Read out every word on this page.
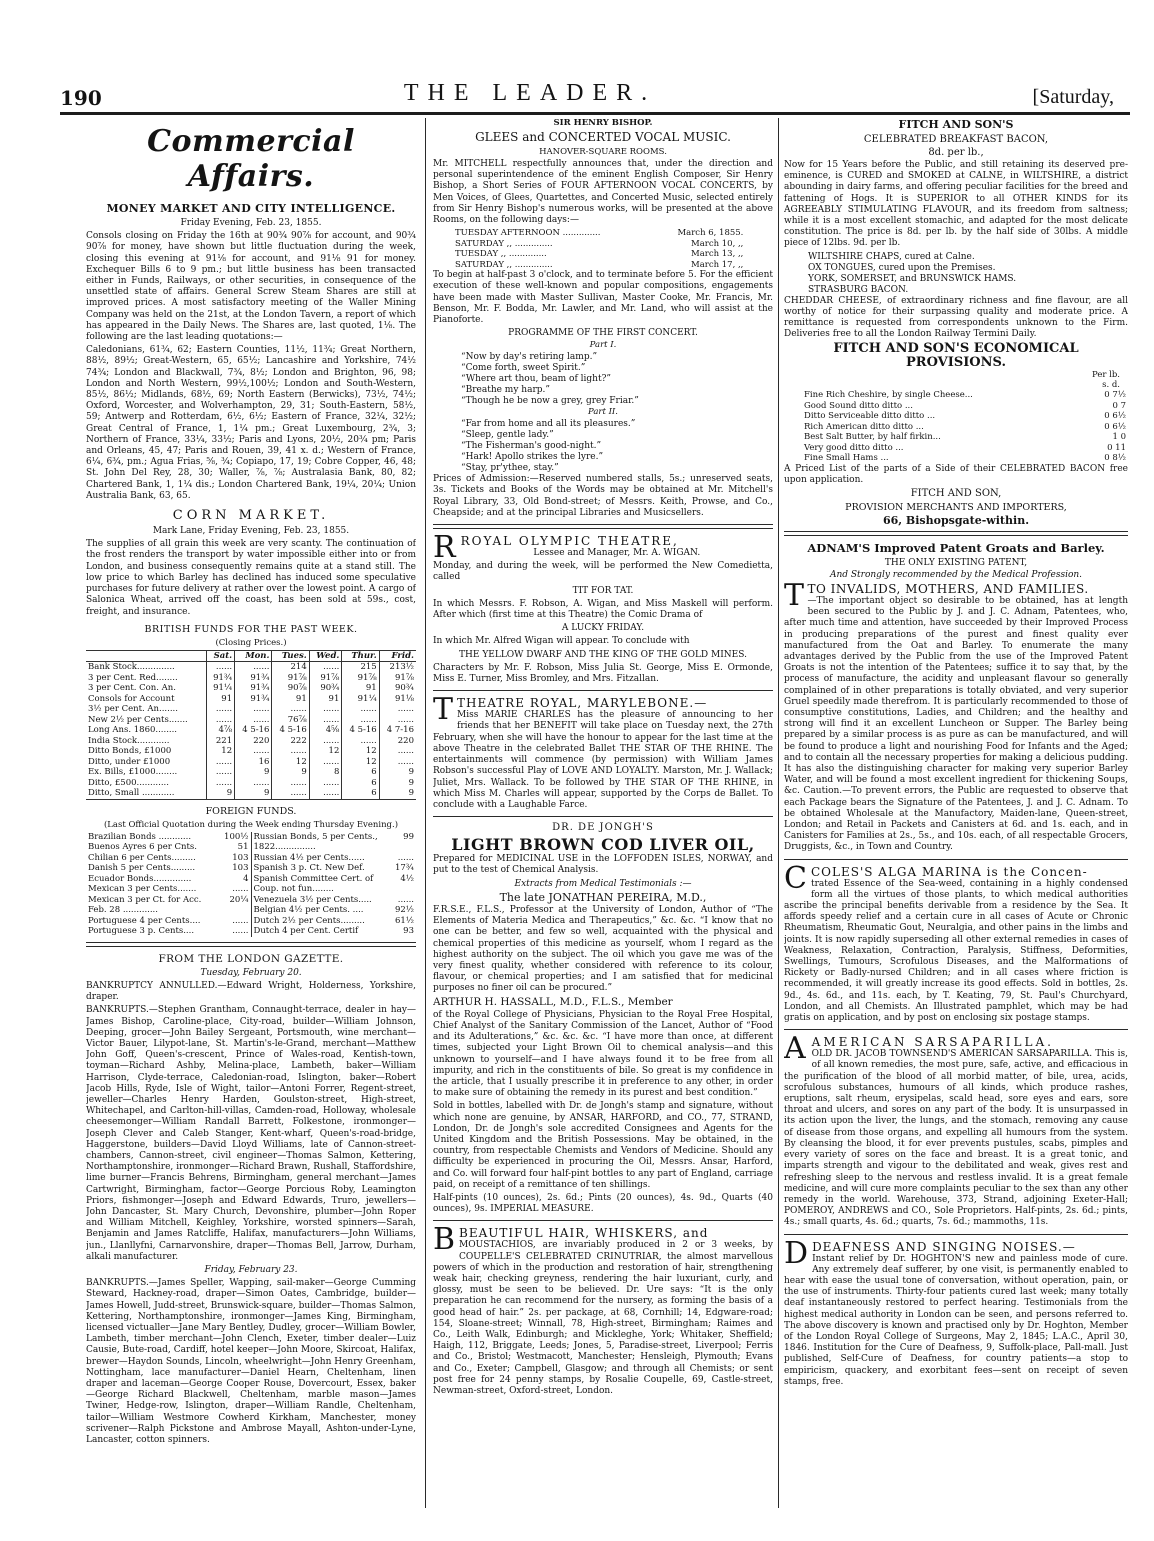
190	THE LEADER.	[Saturday,
Commercial Affairs.
MONEY MARKET AND CITY INTELLIGENCE.

Friday Evening, Feb. 23, 1855.

Consols closing on Friday the 16th at 90¾ 90⅞ for account, and 90¾ 90⅞ for money, have shown but little fluctuation during the week, closing this evening at 91⅛ for account, and 91⅛ 91 for money. Exchequer Bills 6 to 9 pm.; but little business has been transacted either in Funds, Railways, or other securities, in consequence of the unsettled state of affairs. General Screw Steam Shares are still at improved prices. A most satisfactory meeting of the Waller Mining Company was held on the 21st, at the London Tavern, a report of which has appeared in the Daily News. The Shares are, last quoted, 1⅛. The following are the last leading quotations:—

Caledonians, 61¾, 62; Eastern Counties, 11½, 11¾; Great Northern, 88½, 89½; Great-Western, 65, 65½; Lancashire and Yorkshire, 74½ 74¾; London and Blackwall, 7¾, 8½; London and Brighton, 96, 98; London and North Western, 99½,100½; London and South-Western, 85½, 86½; Midlands, 68½, 69; North Eastern (Berwicks), 73½, 74½; Oxford, Worcester, and Wolverhampton, 29, 31; South-Eastern, 58½, 59; Antwerp and Rotterdam, 6½, 6½; Eastern of France, 32¼, 32½; Great Central of France, 1, 1¼ pm.; Great Luxembourg, 2¾, 3; Northern of France, 33¼, 33½; Paris and Lyons, 20½, 20¾ pm; Paris and Orleans, 45, 47; Paris and Rouen, 39, 41 x. d.; Western of France, 6¼, 6¾, pm.; Agua Frias, ⅝, ¾; Copiapo, 17, 19; Cobre Copper, 46, 48; St. John Del Rey, 28, 30; Waller, ⅞, ⅞; Australasia Bank, 80, 82; Chartered Bank, 1, 1¼ dis.; London Chartered Bank, 19¼, 20¼; Union Australia Bank, 63, 65.

CORN MARKET.

Mark Lane, Friday Evening, Feb. 23, 1855.

The supplies of all grain this week are very scanty. The continuation of the frost renders the transport by water impossible either into or from London, and business consequently remains quite at a stand still. The low price to which Barley has declined has induced some speculative purchases for future delivery at rather over the lowest point. A cargo of Salonica Wheat, arrived off the coast, has been sold at 59s., cost, freight, and insurance.

BRITISH FUNDS FOR THE PAST WEEK.
(Closing Prices.)
	Sat.	Mon.	Tues.	Wed.	Thur.	Frid.
Bank Stock..............	......	......	214	......	215	213½
3 per Cent. Red........	91¾	91¾	91⅞	91⅞	91⅞	91⅞
3 per Cent. Con. An.	91¼	91¾	90⅞	90¾	91	90¾
Consols for Account	91	91¾	91	91	91¼	91⅛
3½ per Cent. An.......	......	......	......	......	......	......
New 2½ per Cents.......	......	......	76⅞	......	......	......
Long Ans. 1860........	4⅞	4 5-16	4 5-16	4⅝	4 5-16	4 7-16
India Stock............	221	220	222	......	......	220
Ditto Bonds, £1000	12	......	......	12	12	......
Ditto, under £1000	......	16	12	......	12	......
Ex. Bills, £1000........	......	9	9	8	6	9
Ditto, £500............	......	......	......	......	6	9
Ditto, Small ............	9	9	......	......	6	9
FOREIGN FUNDS.
(Last Official Quotation during the Week ending Thursday Evening.)
Brazilian Bonds ............	100½
Buenos Ayres 6 per Cnts.	51
Chilian 6 per Cents.........	103
Danish 5 per Cents.........	103
Ecuador Bonds..............	4
Mexican 3 per Cents.......	......
Mexican 3 per Ct. for Acc. Feb. 28 .............	20¼
Portuguese 4 per Cents....	......
Portuguese 3 p. Cents....	......

Russian Bonds, 5 per Cents., 1822...............	99
Russian 4½ per Cents......	......
Spanish 3 p. Ct. New Def.	17¾
Spanish Committee Cert. of Coup. not fun........	4½
Venezuela 3½ per Cents.....	......
Belgian 4½ per Cents. ....	92½
Dutch 2½ per Cents.........	61½
Dutch 4 per Cent. Certif	93
FROM THE LONDON GAZETTE.

Tuesday, February 20.

BANKRUPTCY ANNULLED.—Edward Wright, Holderness, Yorkshire, draper.

BANKRUPTS.—Stephen Grantham, Connaught-terrace, dealer in hay—James Bishop, Caroline-place, City-road, builder—William Johnson, Deeping, grocer—John Bailey Sergeant, Portsmouth, wine merchant—Victor Bauer, Lilypot-lane, St. Martin's-le-Grand, merchant—Matthew John Goff, Queen's-crescent, Prince of Wales-road, Kentish-town, toyman—Richard Ashby, Melina-place, Lambeth, baker—William Harrison, Clyde-terrace, Caledonian-road, Islington, baker—Robert Jacob Hills, Ryde, Isle of Wight, tailor—Antoni Forrer, Regent-street, jeweller—Charles Henry Harden, Goulston-street, High-street, Whitechapel, and Carlton-hill-villas, Camden-road, Holloway, wholesale cheesemonger—William Randall Barrett, Folkestone, ironmonger—Joseph Clever and Caleb Stanger, Kent-wharf, Queen's-road-bridge, Haggerstone, builders—David Lloyd Williams, late of Cannon-street-chambers, Cannon-street, civil engineer—Thomas Salmon, Kettering, Northamptonshire, ironmonger—Richard Brawn, Rushall, Staffordshire, lime burner—Francis Behrens, Birmingham, general merchant—James Cartwright, Birmingham, factor—George Porcious Roby, Leamington Priors, fishmonger—Joseph and Edward Edwards, Truro, jewellers—John Dancaster, St. Mary Church, Devonshire, plumber—John Roper and William Mitchell, Keighley, Yorkshire, worsted spinners—Sarah, Benjamin and James Ratcliffe, Halifax, manufacturers—John Williams, jun., Llanllyfni, Carnarvonshire, draper—Thomas Bell, Jarrow, Durham, alkali manufacturer.

Friday, February 23.

BANKRUPTS.—James Speller, Wapping, sail-maker—George Cumming Steward, Hackney-road, draper—Simon Oates, Cambridge, builder—James Howell, Judd-street, Brunswick-square, builder—Thomas Salmon, Kettering, Northamptonshire, ironmonger—James King, Birmingham, licensed victualler—Jane Mary Bentley, Dudley, grocer—William Bowler, Lambeth, timber merchant—John Clench, Exeter, timber dealer—Luiz Causie, Bute-road, Cardiff, hotel keeper—John Moore, Skircoat, Halifax, brewer—Haydon Sounds, Lincoln, wheelwright—John Henry Greenham, Nottingham, lace manufacturer—Daniel Hearn, Cheltenham, linen draper and laceman—George Cooper Rouse, Dovercourt, Essex, baker—George Richard Blackwell, Cheltenham, marble mason—James Twiner, Hedge-row, Islington, draper—William Randle, Cheltenham, tailor—William Westmore Cowherd Kirkham, Manchester, money scrivener—Ralph Pickstone and Ambrose Mayall, Ashton-under-Lyne, Lancaster, cotton spinners.

SIR HENRY BISHOP.
GLEES and CONCERTED VOCAL MUSIC.
HANOVER-SQUARE ROOMS.

Mr. MITCHELL respectfully announces that, under the direction and personal superintendence of the eminent English Composer, Sir Henry Bishop, a Short Series of FOUR AFTERNOON VOCAL CONCERTS, by Men Voices, of Glees, Quartettes, and Concerted Music, selected entirely from Sir Henry Bishop's numerous works, will be presented at the above Rooms, on the following days:—

TUESDAY AFTERNOON ..............	March 6, 1855.
SATURDAY ,, ..............	March 10, ,,
TUESDAY ,, ..............	March 13, ,,
SATURDAY ,, ..............	March 17, ,,

To begin at half-past 3 o'clock, and to terminate before 5. For the efficient execution of these well-known and popular compositions, engagements have been made with Master Sullivan, Master Cooke, Mr. Francis, Mr. Benson, Mr. F. Bodda, Mr. Lawler, and Mr. Land, who will assist at the Pianoforte.

PROGRAMME OF THE FIRST CONCERT.
Part I.
“Now by day's retiring lamp.”
“Come forth, sweet Spirit.”
“Where art thou, beam of light?”
“Breathe my harp.”
“Though he be now a grey, grey Friar.”
Part II.
“Far from home and all its pleasures.”
“Sleep, gentle lady.”
“The Fisherman's good-night.”
“Hark! Apollo strikes the lyre.”
“Stay, pr'ythee, stay.”

Prices of Admission:—Reserved numbered stalls, 5s.; unreserved seats, 3s. Tickets and Books of the Words may be obtained at Mr. Mitchell's Royal Library, 33, Old Bond-street; of Messrs. Keith, Prowse, and Co., Cheapside; and at the principal Libraries and Musicsellers.

RROYAL OLYMPIC THEATRE,

Lessee and Manager, Mr. A. WIGAN.

Monday, and during the week, will be performed the New Comedietta, called

TIT FOR TAT.

In which Messrs. F. Robson, A. Wigan, and Miss Maskell will perform. After which (first time at this Theatre) the Comic Drama of

A LUCKY FRIDAY.

In which Mr. Alfred Wigan will appear. To conclude with

THE YELLOW DWARF AND THE KING OF THE GOLD MINES.

Characters by Mr. F. Robson, Miss Julia St. George, Miss E. Ormonde, Miss E. Turner, Miss Bromley, and Mrs. Fitzallan.

TTHEATRE ROYAL, MARYLEBONE.—

Miss MARIE CHARLES has the pleasure of announcing to her friends that her BENEFIT will take place on Tuesday next, the 27th February, when she will have the honour to appear for the last time at the above Theatre in the celebrated Ballet THE STAR OF THE RHINE. The entertainments will commence (by permission) with William James Robson's successful Play of LOVE AND LOYALTY. Marston, Mr. J. Wallack; Juliet, Mrs. Wallack. To be followed by THE STAR OF THE RHINE, in which Miss M. Charles will appear, supported by the Corps de Ballet. To conclude with a Laughable Farce.

DR. DE JONGH'S
LIGHT BROWN COD LIVER OIL,

Prepared for MEDICINAL USE in the LOFFODEN ISLES, NORWAY, and put to the test of Chemical Analysis.

Extracts from Medical Testimonials :—

The late JONATHAN PEREIRA, M.D.,

F.R.S.E., F.L.S., Professor at the University of London, Author of “The Elements of Materia Medica and Therapeutics,” &c. &c. “I know that no one can be better, and few so well, acquainted with the physical and chemical properties of this medicine as yourself, whom I regard as the highest authority on the subject. The oil which you gave me was of the very finest quality, whether considered with reference to its colour, flavour, or chemical properties; and I am satisfied that for medicinal purposes no finer oil can be procured.”

ARTHUR H. HASSALL, M.D., F.L.S., Member

of the Royal College of Physicians, Physician to the Royal Free Hospital, Chief Analyst of the Sanitary Commission of the Lancet, Author of “Food and its Adulterations,” &c. &c. &c. “I have more than once, at different times, subjected your Light Brown Oil to chemical analysis—and this unknown to yourself—and I have always found it to be free from all impurity, and rich in the constituents of bile. So great is my confidence in the article, that I usually prescribe it in preference to any other, in order to make sure of obtaining the remedy in its purest and best condition.”

Sold in bottles, labelled with Dr. de Jongh's stamp and signature, without which none are genuine, by ANSAR, HARFORD, and CO., 77, STRAND, London, Dr. de Jongh's sole accredited Consignees and Agents for the United Kingdom and the British Possessions. May be obtained, in the country, from respectable Chemists and Vendors of Medicine. Should any difficulty be experienced in procuring the Oil, Messrs. Ansar, Harford, and Co. will forward four half-pint bottles to any part of England, carriage paid, on receipt of a remittance of ten shillings.

Half-pints (10 ounces), 2s. 6d.; Pints (20 ounces), 4s. 9d., Quarts (40 ounces), 9s. IMPERIAL MEASURE.

BBEAUTIFUL HAIR, WHISKERS, and

MOUSTACHIOS, are invariably produced in 2 or 3 weeks, by COUPELLE'S CELEBRATED CRINUTRIAR, the almost marvellous powers of which in the production and restoration of hair, strengthening weak hair, checking greyness, rendering the hair luxuriant, curly, and glossy, must be seen to be believed. Dr. Ure says: “It is the only preparation he can recommend for the nursery, as forming the basis of a good head of hair.” 2s. per package, at 68, Cornhill; 14, Edgware-road; 154, Sloane-street; Winnall, 78, High-street, Birmingham; Raimes and Co., Leith Walk, Edinburgh; and Mickleghe, York; Whitaker, Sheffield; Haigh, 112, Briggate, Leeds; Jones, 5, Paradise-street, Liverpool; Ferris and Co., Bristol; Westmacott, Manchester; Hensleigh, Plymouth; Evans and Co., Exeter; Campbell, Glasgow; and through all Chemists; or sent post free for 24 penny stamps, by Rosalie Coupelle, 69, Castle-street, Newman-street, Oxford-street, London.

FITCH AND SON'S
CELEBRATED BREAKFAST BACON,
8d. per lb.,

Now for 15 Years before the Public, and still retaining its deserved pre-eminence, is CURED and SMOKED at CALNE, in WILTSHIRE, a district abounding in dairy farms, and offering peculiar facilities for the breed and fattening of Hogs. It is SUPERIOR to all OTHER KINDS for its AGREEABLY STIMULATING FLAVOUR, and its freedom from saltness; while it is a most excellent stomachic, and adapted for the most delicate constitution. The price is 8d. per lb. by the half side of 30lbs. A middle piece of 12lbs. 9d. per lb.

WILTSHIRE CHAPS, cured at Calne.
OX TONGUES, cured upon the Premises.
YORK, SOMERSET, and BRUNSWICK HAMS.
STRASBURG BACON.

CHEDDAR CHEESE, of extraordinary richness and fine flavour, are all worthy of notice for their surpassing quality and moderate price. A remittance is requested from correspondents unknown to the Firm. Deliveries free to all the London Railway Termini Daily.

FITCH AND SON'S ECONOMICAL PROVISIONS.
Per lb.
s. d.
Fine Rich Cheshire, by single Cheese...	0 7½
Good Sound ditto ditto ...	0 7
Ditto Serviceable ditto ditto ...	0 6½
Rich American ditto ditto ...	0 6½
Best Salt Butter, by half firkin...	1 0
Very good ditto ditto ...	0 11
Fine Small Hams ...	0 8½

A Priced List of the parts of a Side of their CELEBRATED BACON free upon application.

FITCH AND SON,

PROVISION MERCHANTS AND IMPORTERS,

66, Bishopsgate-within.

ADNAM'S Improved Patent Groats and Barley.
THE ONLY EXISTING PATENT,
And Strongly recommended by the Medical Profession.
TTO INVALIDS, MOTHERS, AND FAMILIES.

—The important object so desirable to be obtained, has at length been secured to the Public by J. and J. C. Adnam, Patentees, who, after much time and attention, have succeeded by their Improved Process in producing preparations of the purest and finest quality ever manufactured from the Oat and Barley. To enumerate the many advantages derived by the Public from the use of the Improved Patent Groats is not the intention of the Patentees; suffice it to say that, by the process of manufacture, the acidity and unpleasant flavour so generally complained of in other preparations is totally obviated, and very superior Gruel speedily made therefrom. It is particularly recommended to those of consumptive constitutions, Ladies, and Children; and the healthy and strong will find it an excellent Luncheon or Supper. The Barley being prepared by a similar process is as pure as can be manufactured, and will be found to produce a light and nourishing Food for Infants and the Aged; and to contain all the necessary properties for making a delicious pudding. It has also the distinguishing character for making very superior Barley Water, and will be found a most excellent ingredient for thickening Soups, &c. Caution.—To prevent errors, the Public are requested to observe that each Package bears the Signature of the Patentees, J. and J. C. Adnam. To be obtained Wholesale at the Manufactory, Maiden-lane, Queen-street, London; and Retail in Packets and Canisters at 6d. and 1s. each, and in Canisters for Families at 2s., 5s., and 10s. each, of all respectable Grocers, Druggists, &c., in Town and Country.

CCOLES'S ALGA MARINA is the Concen-

trated Essence of the Sea-weed, containing in a highly condensed form all the virtues of those plants, to which medical authorities ascribe the principal benefits derivable from a residence by the Sea. It affords speedy relief and a certain cure in all cases of Acute or Chronic Rheumatism, Rheumatic Gout, Neuralgia, and other pains in the limbs and joints. It is now rapidly superseding all other external remedies in cases of Weakness, Relaxation, Contraction, Paralysis, Stiffness, Deformities, Swellings, Tumours, Scrofulous Diseases, and the Malformations of Rickety or Badly-nursed Children; and in all cases where friction is recommended, it will greatly increase its good effects. Sold in bottles, 2s. 9d., 4s. 6d., and 11s. each, by T. Keating, 79, St. Paul's Churchyard, London, and all Chemists. An Illustrated pamphlet, which may be had gratis on application, and by post on enclosing six postage stamps.

AAMERICAN SARSAPARILLA.

OLD DR. JACOB TOWNSEND'S AMERICAN SARSAPARILLA. This is, of all known remedies, the most pure, safe, active, and efficacious in the purification of the blood of all morbid matter, of bile, urea, acids, scrofulous substances, humours of all kinds, which produce rashes, eruptions, salt rheum, erysipelas, scald head, sore eyes and ears, sore throat and ulcers, and sores on any part of the body. It is unsurpassed in its action upon the liver, the lungs, and the stomach, removing any cause of disease from those organs, and expelling all humours from the system. By cleansing the blood, it for ever prevents pustules, scabs, pimples and every variety of sores on the face and breast. It is a great tonic, and imparts strength and vigour to the debilitated and weak, gives rest and refreshing sleep to the nervous and restless invalid. It is a great female medicine, and will cure more complaints peculiar to the sex than any other remedy in the world. Warehouse, 373, Strand, adjoining Exeter-Hall; POMEROY, ANDREWS and CO., Sole Proprietors. Half-pints, 2s. 6d.; pints, 4s.; small quarts, 4s. 6d.; quarts, 7s. 6d.; mammoths, 11s.

DDEAFNESS AND SINGING NOISES.—

Instant relief by Dr. HOGHTON'S new and painless mode of cure. Any extremely deaf sufferer, by one visit, is permanently enabled to hear with ease the usual tone of conversation, without operation, pain, or the use of instruments. Thirty-four patients cured last week; many totally deaf instantaneously restored to perfect hearing. Testimonials from the highest medical authority in London can be seen, and persons referred to. The above discovery is known and practised only by Dr. Hoghton, Member of the London Royal College of Surgeons, May 2, 1845; L.A.C., April 30, 1846. Institution for the Cure of Deafness, 9, Suffolk-place, Pall-mall. Just published, Self-Cure of Deafness, for country patients—a stop to empiricism, quackery, and exorbitant fees—sent on receipt of seven stamps, free.
